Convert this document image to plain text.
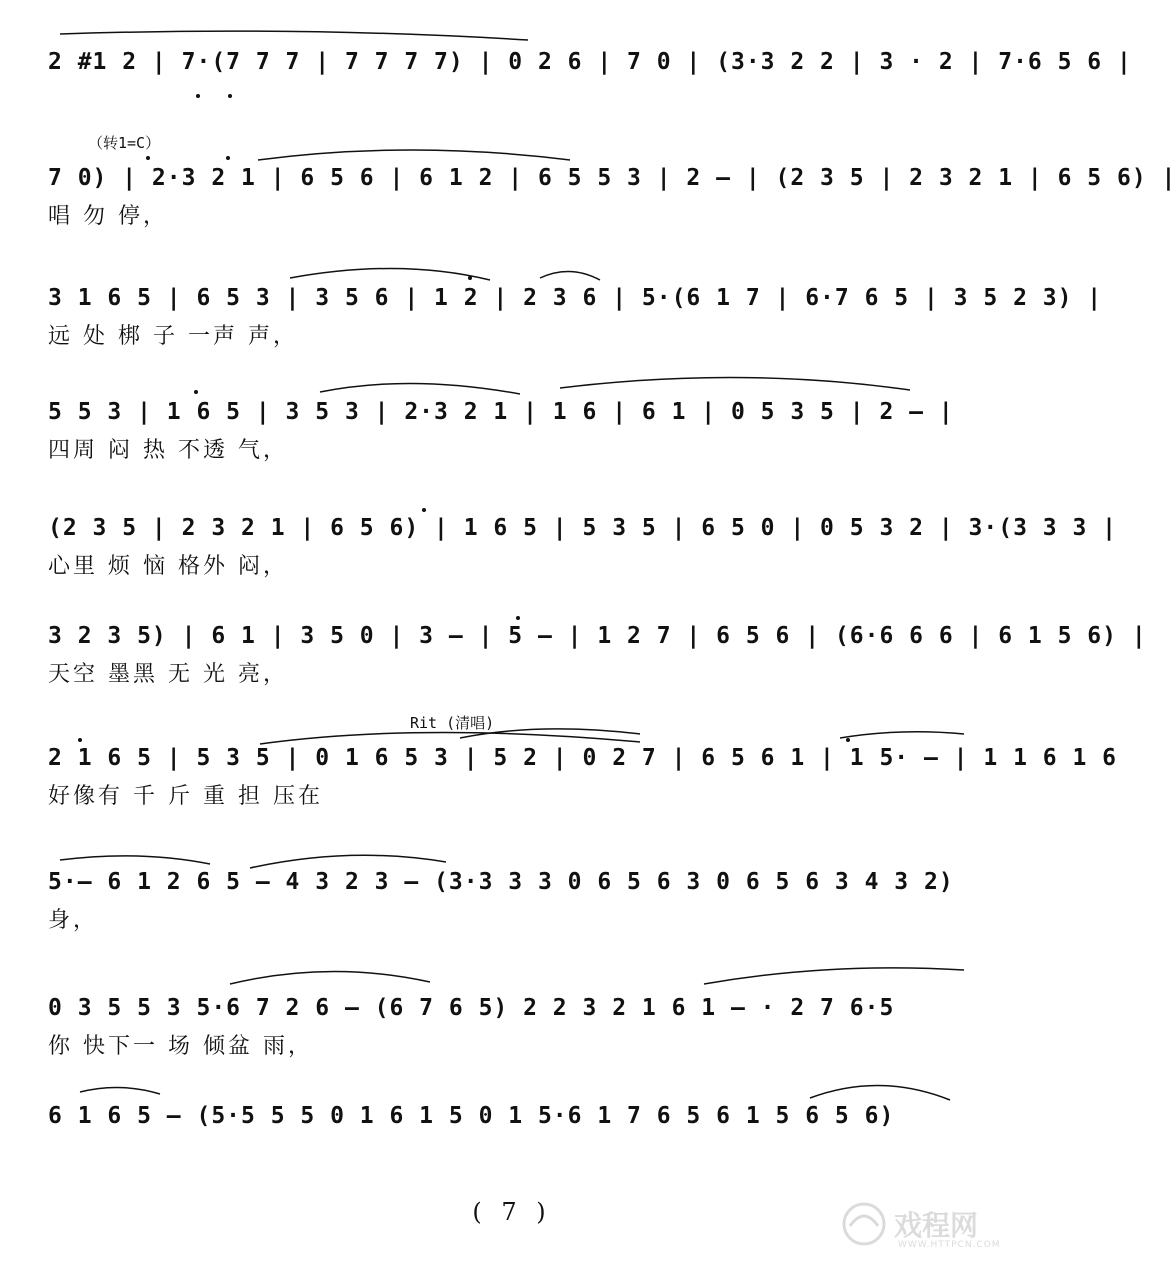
2 #1 2 | 7·(7 7 7 | 7 7 7 7) | 0 2 6 | 7 0 | (3·3 2 2 | 3 · 2 | 7·6 5 6 |
（转1=C）
7 0) | 2·3 2 1 | 6 5 6 | 6 1 2 | 6 5 5 3 | 2 — | (2 3 5 | 2 3 2 1 | 6 5 6) |
唱 勿 停，
3 1 6 5 | 6 5 3 | 3 5 6 | 1 2 | 2 3 6 | 5·(6 1 7 | 6·7 6 5 | 3 5 2 3) |
远 处 梆 子 一声 声，
5 5 3 | 1 6 5 | 3 5 3 | 2·3 2 1 | 1 6 | 6 1 | 0 5 3 5 | 2 — |
四周 闷 热 不透 气，
(2 3 5 | 2 3 2 1 | 6 5 6) | 1 6 5 | 5 3 5 | 6 5 0 | 0 5 3 2 | 3·(3 3 3 |
心里 烦 恼 格外 闷，
3 2 3 5) | 6 1 | 3 5 0 | 3 — | 5 — | 1 2 7 | 6 5 6 | (6·6 6 6 | 6 1 5 6) |
天空 墨黑 无 光 亮，
Rit (清唱)
2 1 6 5 | 5 3 5 | 0 1 6 5 3 | 5 2 | 0 2 7 | 6 5 6 1 | 1 5· — | 1 1 6 1 6
好像有 千 斤 重 担 压在
5·— 6 1 2 6 5 — 4 3 2 3 — (3·3 3 3 0 6 5 6 3 0 6 5 6 3 4 3 2)
身，
0 3 5 5 3 5·6 7 2 6 — (6 7 6 5) 2 2 3 2 1 6 1 — · 2 7 6·5
你 快下一 场 倾盆 雨，
6 1 6 5 — (5·5 5 5 0 1 6 1 5 0 1 5·6 1 7 6 5 6 1 5 6 5 6)
( 7 )	戏程网
WWW.HTTPCN.COM
